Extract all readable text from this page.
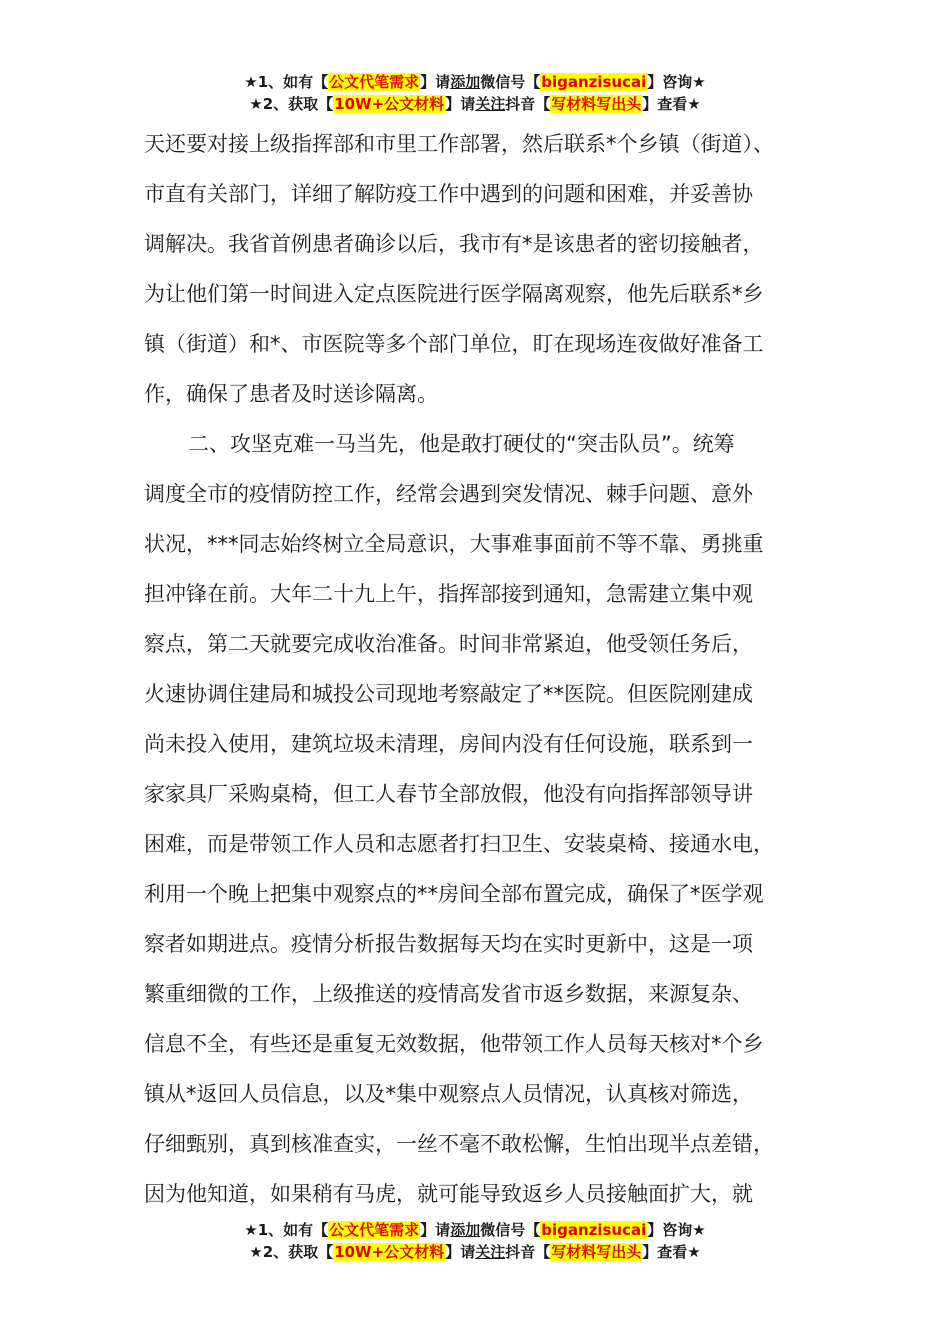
★1、如有【公文代笔需求】请添加微信号【biganzisucai】咨询★
★2、获取【10W+公文材料】请关注抖音【写材料写出头】查看★
天还要对接上级指挥部和市里工作部署，然后联系*个乡镇（街道）、
市直有关部门，详细了解防疫工作中遇到的问题和困难，并妥善协
调解决。我省首例患者确诊以后，我市有*是该患者的密切接触者，
为让他们第一时间进入定点医院进行医学隔离观察，他先后联系*乡
镇（街道）和*、市医院等多个部门单位，盯在现场连夜做好准备工
作，确保了患者及时送诊隔离。
二、攻坚克难一马当先，他是敢打硬仗的“突击队员”。统筹
调度全市的疫情防控工作，经常会遇到突发情况、棘手问题、意外
状况，***同志始终树立全局意识，大事难事面前不等不靠、勇挑重
担冲锋在前。大年二十九上午，指挥部接到通知，急需建立集中观
察点，第二天就要完成收治准备。时间非常紧迫，他受领任务后，
火速协调住建局和城投公司现地考察敲定了**医院。但医院刚建成
尚未投入使用，建筑垃圾未清理，房间内没有任何设施，联系到一
家家具厂采购桌椅，但工人春节全部放假，他没有向指挥部领导讲
困难，而是带领工作人员和志愿者打扫卫生、安装桌椅、接通水电，
利用一个晚上把集中观察点的**房间全部布置完成，确保了*医学观
察者如期进点。疫情分析报告数据每天均在实时更新中，这是一项
繁重细微的工作，上级推送的疫情高发省市返乡数据，来源复杂、
信息不全，有些还是重复无效数据，他带领工作人员每天核对*个乡
镇从*返回人员信息，以及*集中观察点人员情况，认真核对筛选，
仔细甄别，真到核准查实，一丝不毫不敢松懈，生怕出现半点差错，
因为他知道，如果稍有马虎，就可能导致返乡人员接触面扩大，就
★1、如有【公文代笔需求】请添加微信号【biganzisucai】咨询★
★2、获取【10W+公文材料】请关注抖音【写材料写出头】查看★
